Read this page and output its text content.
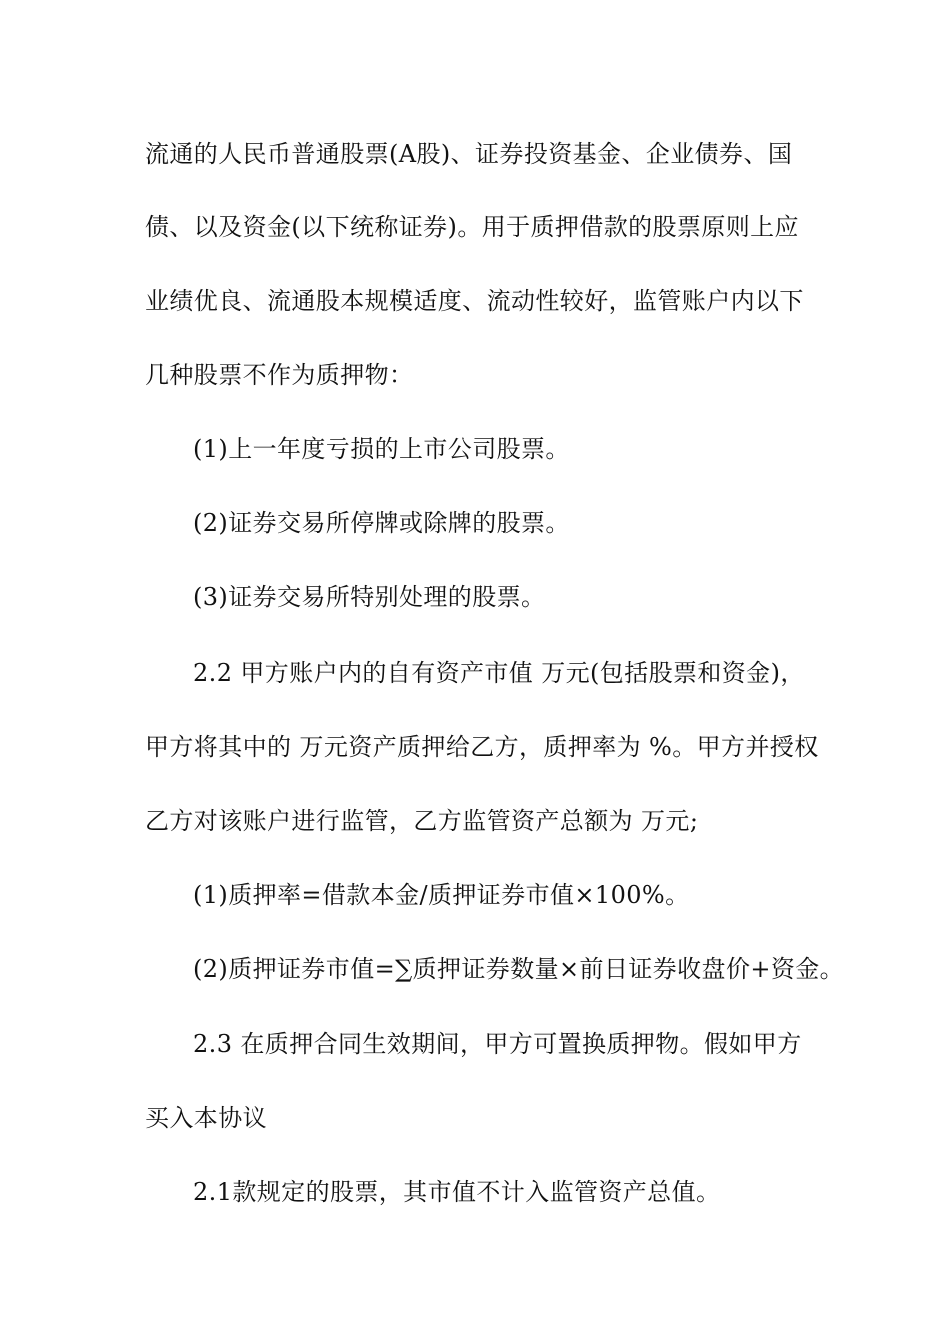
流通的人民币普通股票(A股)、证券投资基金、企业债券、国
债、以及资金(以下统称证券)。用于质押借款的股票原则上应
业绩优良、流通股本规模适度、流动性较好，监管账户内以下
几种股票不作为质押物：
(1)上一年度亏损的上市公司股票。
(2)证券交易所停牌或除牌的股票。
(3)证券交易所特别处理的股票。
2.2 甲方账户内的自有资产市值 万元(包括股票和资金)，
甲方将其中的 万元资产质押给乙方，质押率为 %。甲方并授权
乙方对该账户进行监管，乙方监管资产总额为 万元;
(1)质押率=借款本金/质押证券市值×100%。
(2)质押证券市值=∑质押证券数量×前日证券收盘价+资金。
2.3 在质押合同生效期间，甲方可置换质押物。假如甲方
买入本协议
2.1款规定的股票，其市值不计入监管资产总值。
